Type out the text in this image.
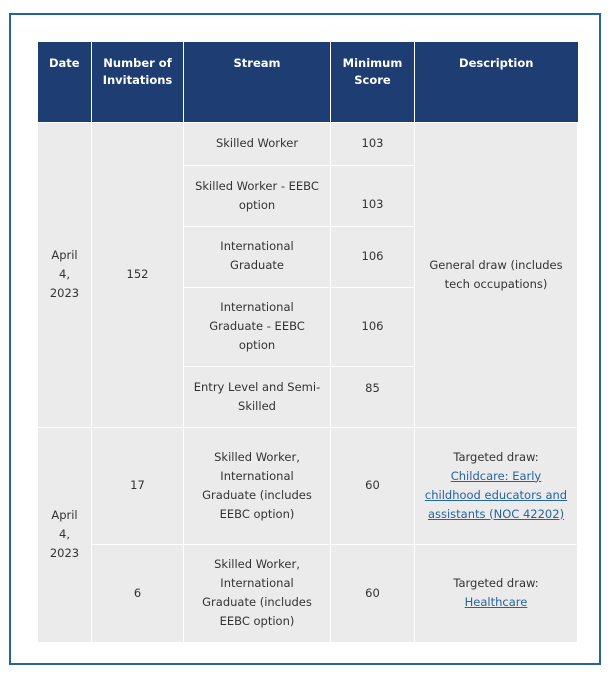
Date	Number of Invitations	Stream	Minimum Score	Description
April 4, 2023	152	Skilled Worker	103	General draw (includes tech occupations)
		Skilled Worker - EEBC option	103	
		International Graduate	106	
		International Graduate - EEBC option	106	
		Entry Level and Semi-Skilled	85	
April 4, 2023	17	Skilled Worker, International Graduate (includes EEBC option)	60	Targeted draw:
Childcare: Early childhood educators and assistants (NOC 42202)
	6	Skilled Worker, International Graduate (includes EEBC option)	60	Targeted draw:
Healthcare
